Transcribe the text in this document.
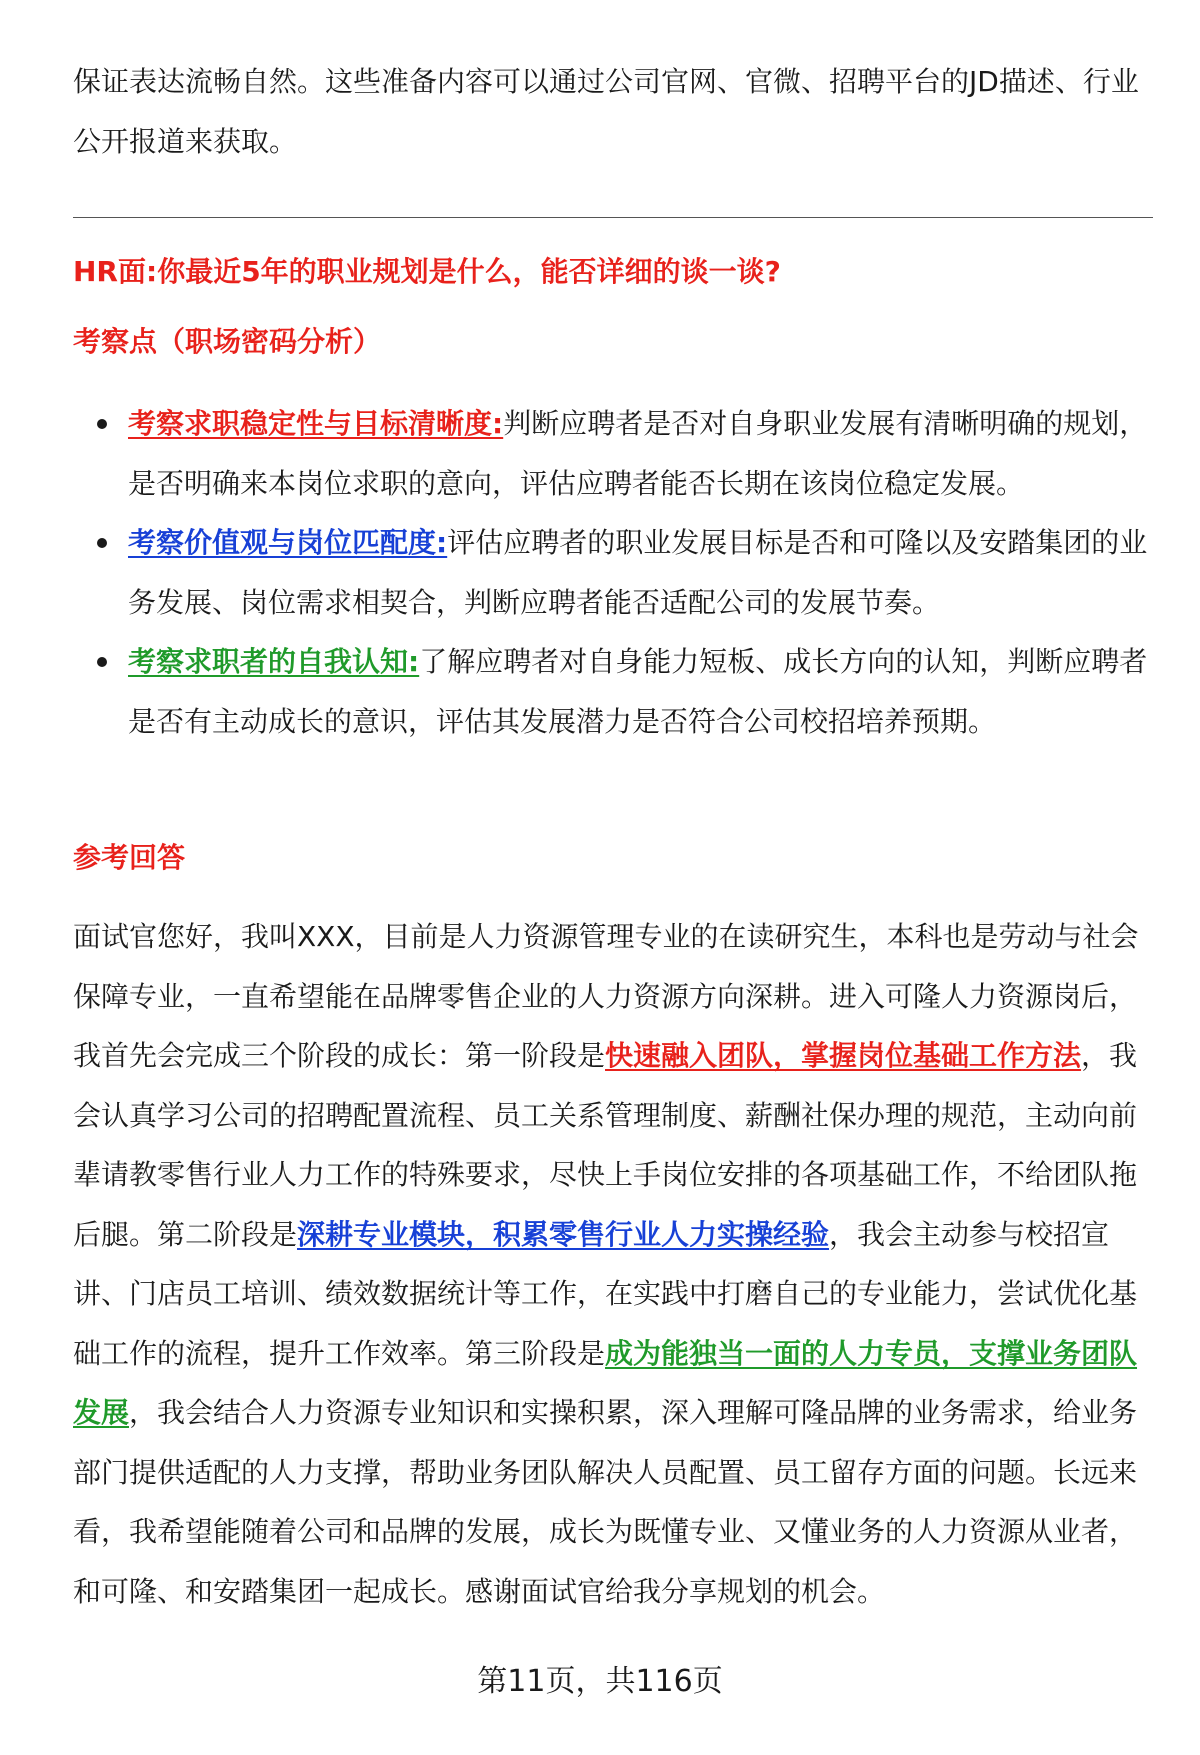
保证表达流畅自然。这些准备内容可以通过公司官网、官微、招聘平台的JD描述、行业公开报道来获取。

HR面:你最近5年的职业规划是什么，能否详细的谈一谈?

考察点（职场密码分析）

考察求职稳定性与目标清晰度:判断应聘者是否对自身职业发展有清晰明确的规划，是否明确来本岗位求职的意向，评估应聘者能否长期在该岗位稳定发展。
考察价值观与岗位匹配度:评估应聘者的职业发展目标是否和可隆以及安踏集团的业务发展、岗位需求相契合，判断应聘者能否适配公司的发展节奏。
考察求职者的自我认知:了解应聘者对自身能力短板、成长方向的认知，判断应聘者是否有主动成长的意识，评估其发展潜力是否符合公司校招培养预期。

参考回答

面试官您好，我叫XXX，目前是人力资源管理专业的在读研究生，本科也是劳动与社会保障专业，一直希望能在品牌零售企业的人力资源方向深耕。进入可隆人力资源岗后，我首先会完成三个阶段的成长：第一阶段是快速融入团队，掌握岗位基础工作方法，我会认真学习公司的招聘配置流程、员工关系管理制度、薪酬社保办理的规范，主动向前辈请教零售行业人力工作的特殊要求，尽快上手岗位安排的各项基础工作，不给团队拖后腿。第二阶段是深耕专业模块，积累零售行业人力实操经验，我会主动参与校招宣讲、门店员工培训、绩效数据统计等工作，在实践中打磨自己的专业能力，尝试优化基础工作的流程，提升工作效率。第三阶段是成为能独当一面的人力专员，支撑业务团队发展，我会结合人力资源专业知识和实操积累，深入理解可隆品牌的业务需求，给业务部门提供适配的人力支撑，帮助业务团队解决人员配置、员工留存方面的问题。长远来看，我希望能随着公司和品牌的发展，成长为既懂专业、又懂业务的人力资源从业者，和可隆、和安踏集团一起成长。感谢面试官给我分享规划的机会。

第11页，共116页
